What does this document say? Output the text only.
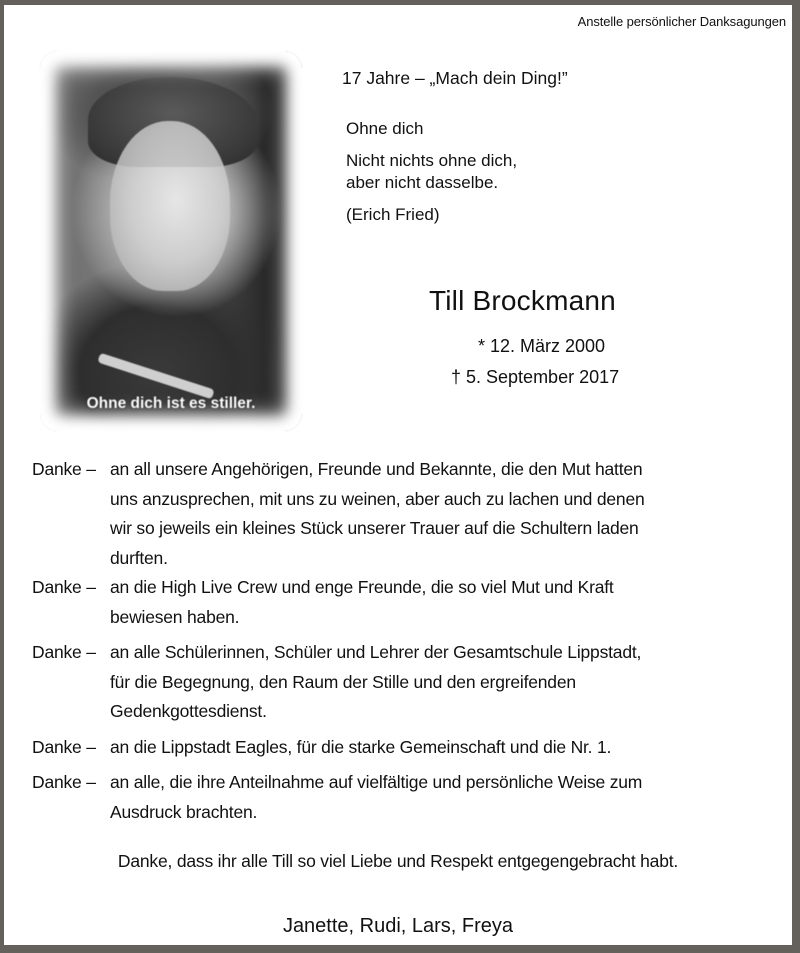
Anstelle persönlicher Danksagungen
Ohne dich ist es stiller.
17 Jahre – „Mach dein Ding!”

Ohne dich

Nicht nichts ohne dich,
aber nicht dasselbe.

(Erich Fried)

Till Brockmann
* 12. März 2000
† 5. September 2017
Danke – an all unsere Angehörigen, Freunde und Bekannte, die den Mut hatten
uns anzusprechen, mit uns zu weinen, aber auch zu lachen und denen
wir so jeweils ein kleines Stück unserer Trauer auf die Schultern laden
durften.
Danke – an die High Live Crew und enge Freunde, die so viel Mut und Kraft
bewiesen haben.
Danke – an alle Schülerinnen, Schüler und Lehrer der Gesamtschule Lippstadt,
für die Begegnung, den Raum der Stille und den ergreifenden
Gedenkgottesdienst.
Danke – an die Lippstadt Eagles, für die starke Gemeinschaft und die Nr. 1.
Danke – an alle, die ihre Anteilnahme auf vielfältige und persönliche Weise zum
Ausdruck brachten.
Danke, dass ihr alle Till so viel Liebe und Respekt entgegengebracht habt.
Janette, Rudi, Lars, Freya
